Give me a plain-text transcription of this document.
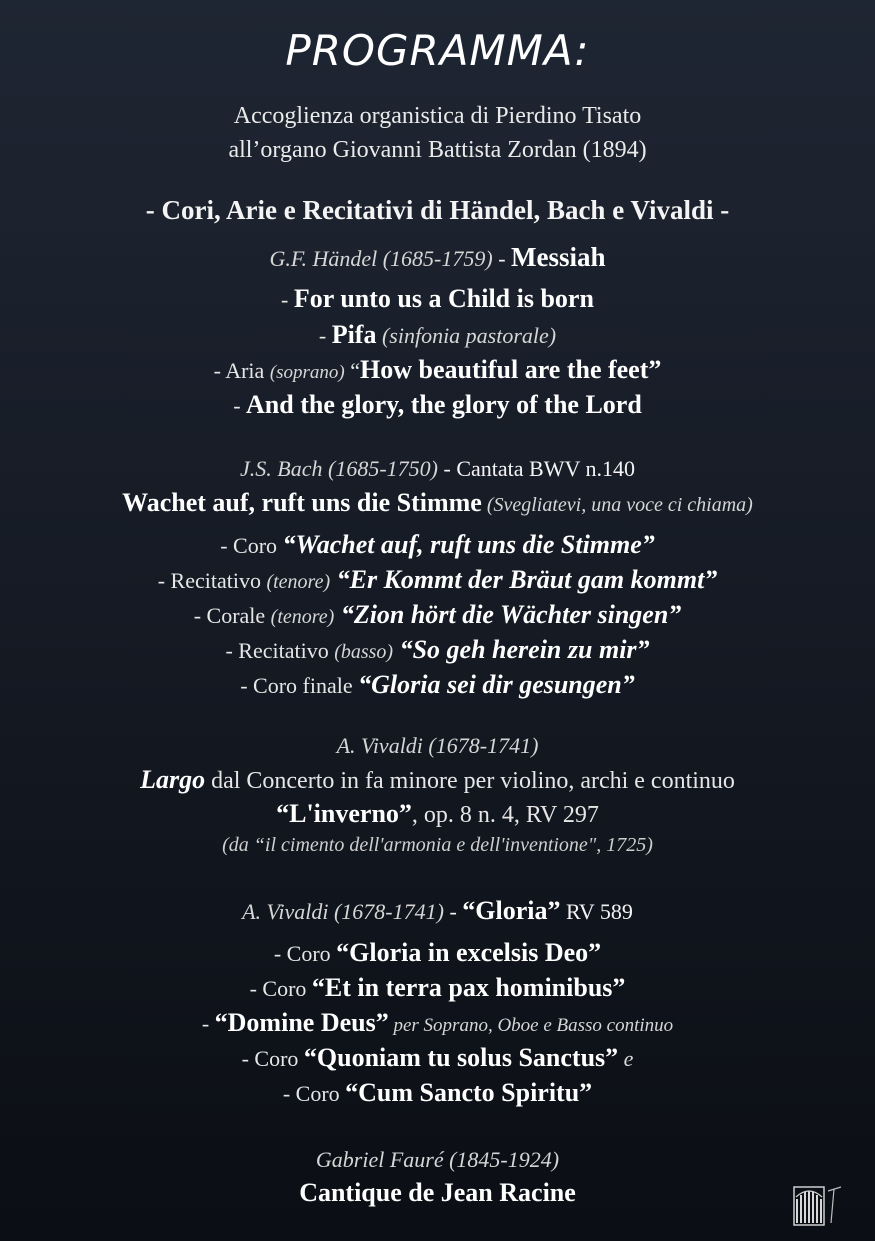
PROGRAMMA:
Accoglienza organistica di Pierdino Tisato
all’organo Giovanni Battista Zordan (1894)
- Cori, Arie e Recitativi di Händel, Bach e Vivaldi -
G.F. Händel (1685-1759) - Messiah
- For unto us a Child is born
- Pifa (sinfonia pastorale)
- Aria (soprano) “How beautiful are the feet”
- And the glory, the glory of the Lord
J.S. Bach (1685-1750) - Cantata BWV n.140
Wachet auf, ruft uns die Stimme (Svegliatevi, una voce ci chiama)
- Coro “Wachet auf, ruft uns die Stimme”
- Recitativo (tenore) “Er Kommt der Bräut gam kommt”
- Corale (tenore) “Zion hört die Wächter singen”
- Recitativo (basso) “So geh herein zu mir”
- Coro finale “Gloria sei dir gesungen”
A. Vivaldi (1678-1741)
Largo dal Concerto in fa minore per violino, archi e continuo
“L'inverno”, op. 8 n. 4, RV 297
(da “il cimento dell'armonia e dell'inventione", 1725)
A. Vivaldi (1678-1741) - “Gloria” RV 589
- Coro “Gloria in excelsis Deo”
- Coro “Et in terra pax hominibus”
- “Domine Deus” per Soprano, Oboe e Basso continuo
- Coro “Quoniam tu solus Sanctus” e
- Coro “Cum Sancto Spiritu”
Gabriel Fauré (1845-1924)
Cantique de Jean Racine
